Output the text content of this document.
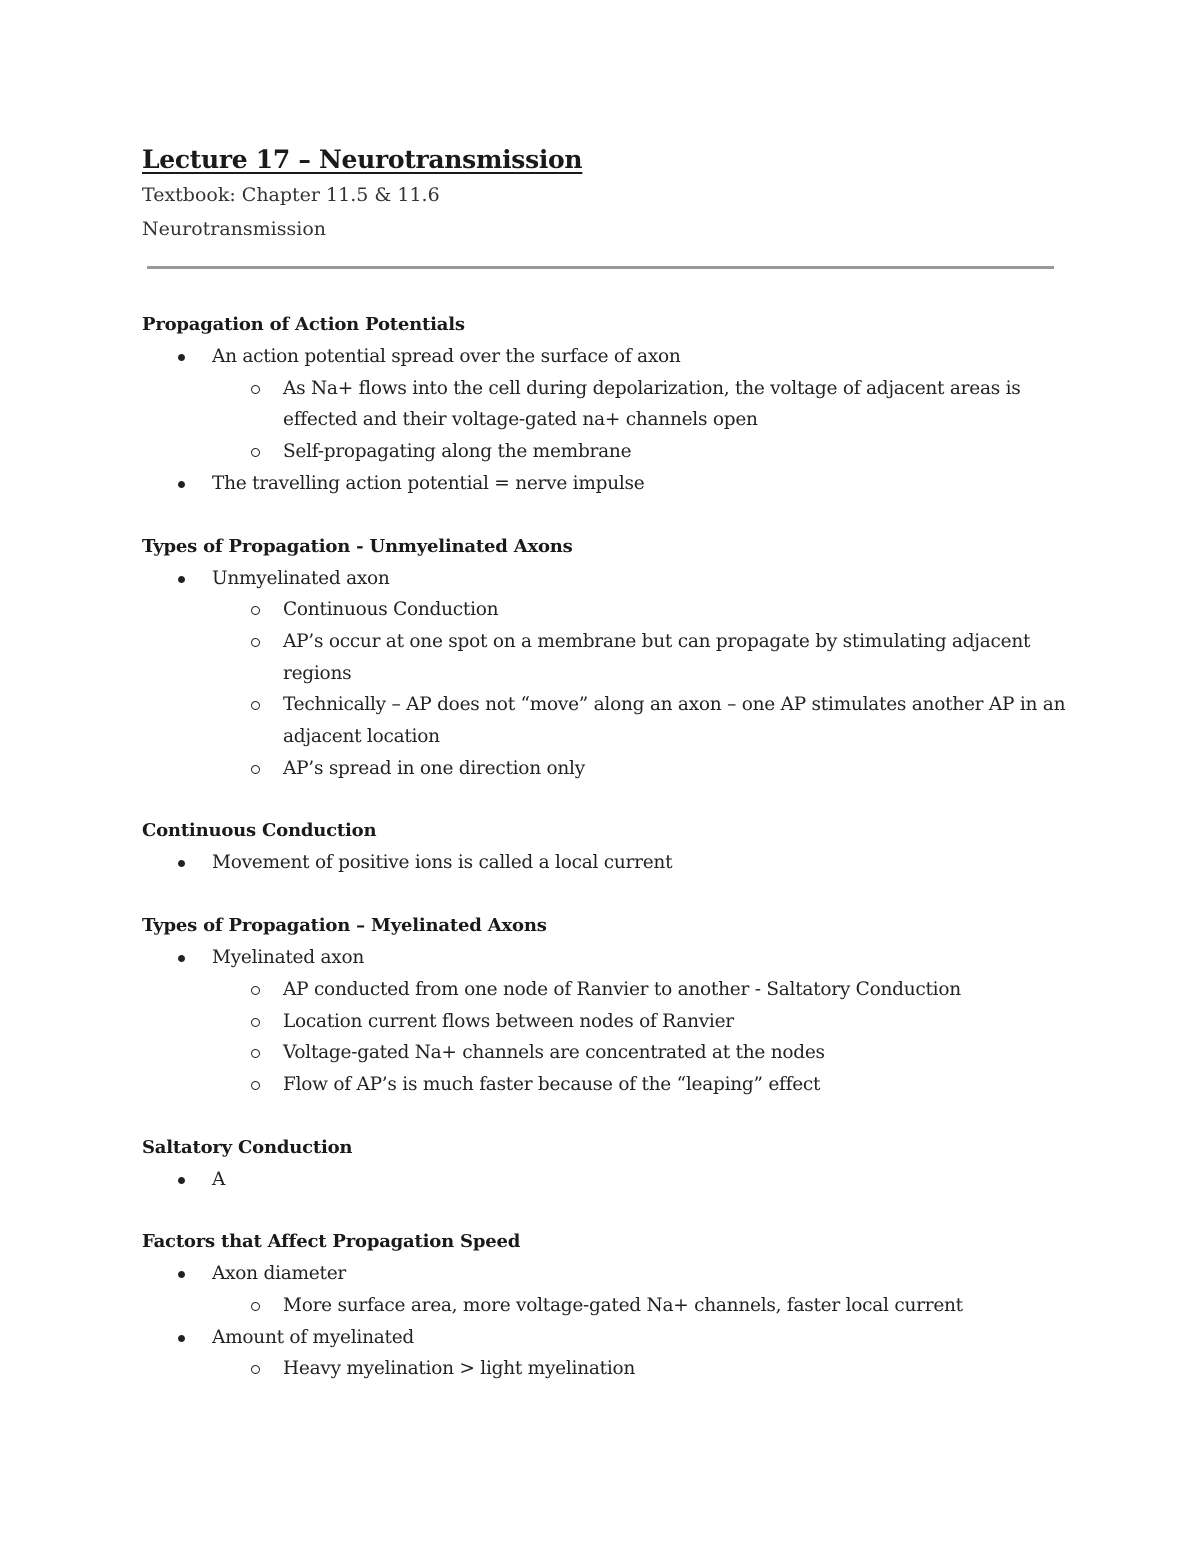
Lecture 17 – Neurotransmission

Textbook: Chapter 11.5 & 11.6

Neurotransmission

Propagation of Action Potentials

An action potential spread over the surface of axon
As Na+ flows into the cell during depolarization, the voltage of adjacent areas is effected and their voltage-gated na+ channels open
Self-propagating along the membrane
The travelling action potential = nerve impulse

Types of Propagation - Unmyelinated Axons

Unmyelinated axon
Continuous Conduction
AP’s occur at one spot on a membrane but can propagate by stimulating adjacent regions
Technically – AP does not “move” along an axon – one AP stimulates another AP in an adjacent location
AP’s spread in one direction only

Continuous Conduction

Movement of positive ions is called a local current

Types of Propagation – Myelinated Axons

Myelinated axon
AP conducted from one node of Ranvier to another - Saltatory Conduction
Location current flows between nodes of Ranvier
Voltage-gated Na+ channels are concentrated at the nodes
Flow of AP’s is much faster because of the “leaping” effect

Saltatory Conduction

A

Factors that Affect Propagation Speed

Axon diameter
More surface area, more voltage-gated Na+ channels, faster local current
Amount of myelinated
Heavy myelination > light myelination
